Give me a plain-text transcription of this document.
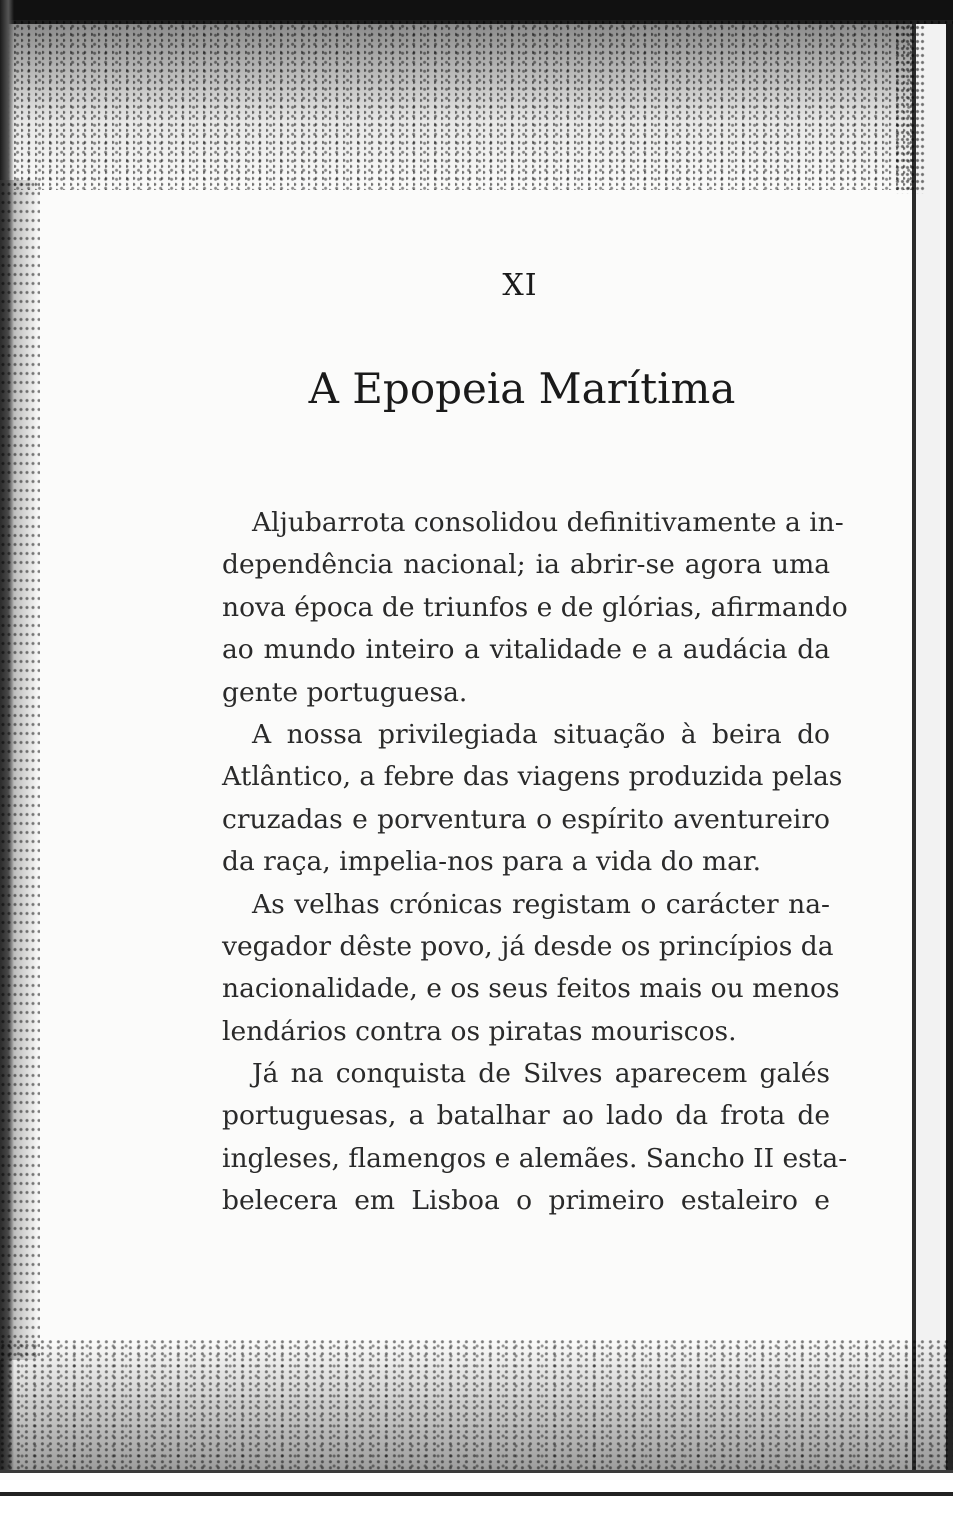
XI
A Epopeia Marítima
Aljubarrota consolidou definitivamente a in-
dependência nacional; ia abrir-se agora uma
nova época de triunfos e de glórias, afirmando
ao mundo inteiro a vitalidade e a audácia da
gente portuguesa.
A nossa privilegiada situação à beira do
Atlântico, a febre das viagens produzida pelas
cruzadas e porventura o espírito aventureiro
da raça, impelia-nos para a vida do mar.
As velhas crónicas registam o carácter na-
vegador dêste povo, já desde os princípios da
nacionalidade, e os seus feitos mais ou menos
lendários contra os piratas mouriscos.
Já na conquista de Silves aparecem galés
portuguesas, a batalhar ao lado da frota de
ingleses, flamengos e alemães. Sancho II esta-
belecera em Lisboa o primeiro estaleiro e
